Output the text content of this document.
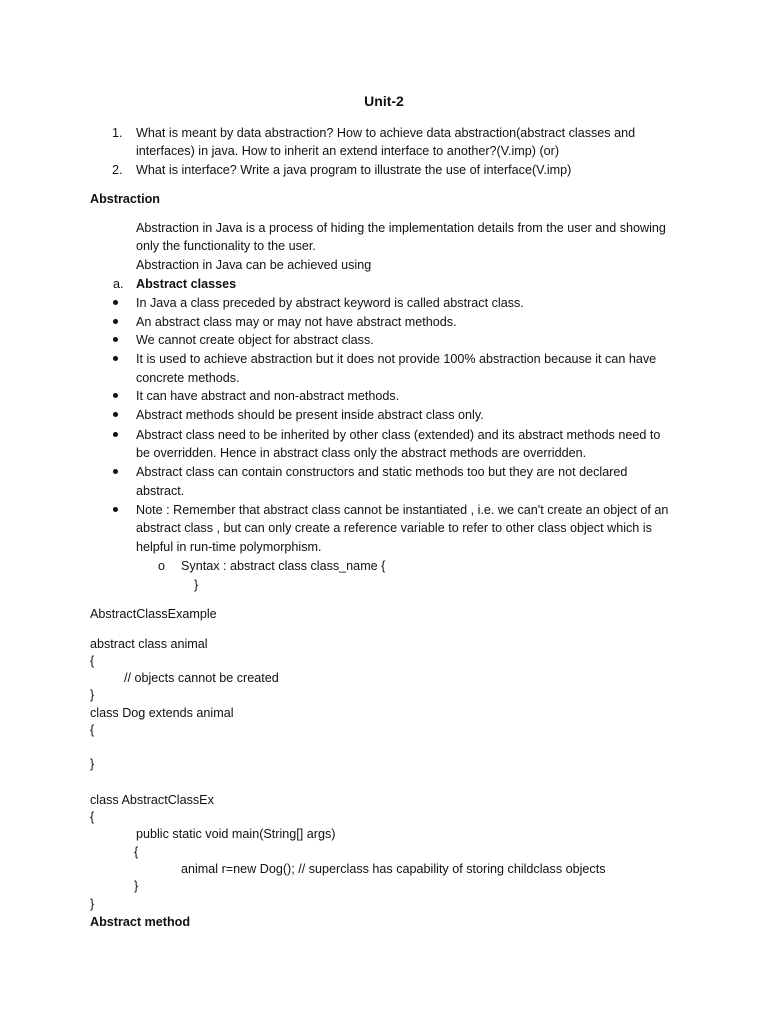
Unit-2
1. What is meant by data abstraction? How to achieve data abstraction(abstract classes and
interfaces) in java. How to inherit an extend interface to another?(V.imp) (or)
2. What is interface? Write a java program to illustrate the use of interface(V.imp)
Abstraction
Abstraction in Java is a process of hiding the implementation details from the user and showing
only the functionality to the user.
Abstraction in Java can be achieved using
a. Abstract classes
In Java a class preceded by abstract keyword is called abstract class.
An abstract class may or may not have abstract methods.
We cannot create object for abstract class.
It is used to achieve abstraction but it does not provide 100% abstraction because it can have
concrete methods.
It can have abstract and non-abstract methods.
Abstract methods should be present inside abstract class only.
Abstract class need to be inherited by other class (extended) and its abstract methods need to
be overridden. Hence in abstract class only the abstract methods are overridden.
Abstract class can contain constructors and static methods too but they are not declared
abstract.
Note : Remember that abstract class cannot be instantiated , i.e. we can't create an object of an
abstract class , but can only create a reference variable to refer to other class object which is
helpful in run-time polymorphism.
o Syntax : abstract class class_name {
}
AbstractClassExample
abstract class animal
{
// objects cannot be created
}
class Dog extends animal
{
}
class AbstractClassEx
{
public static void main(String[] args)
{
animal r=new Dog(); // superclass has capability of storing childclass objects
}
}
Abstract method
